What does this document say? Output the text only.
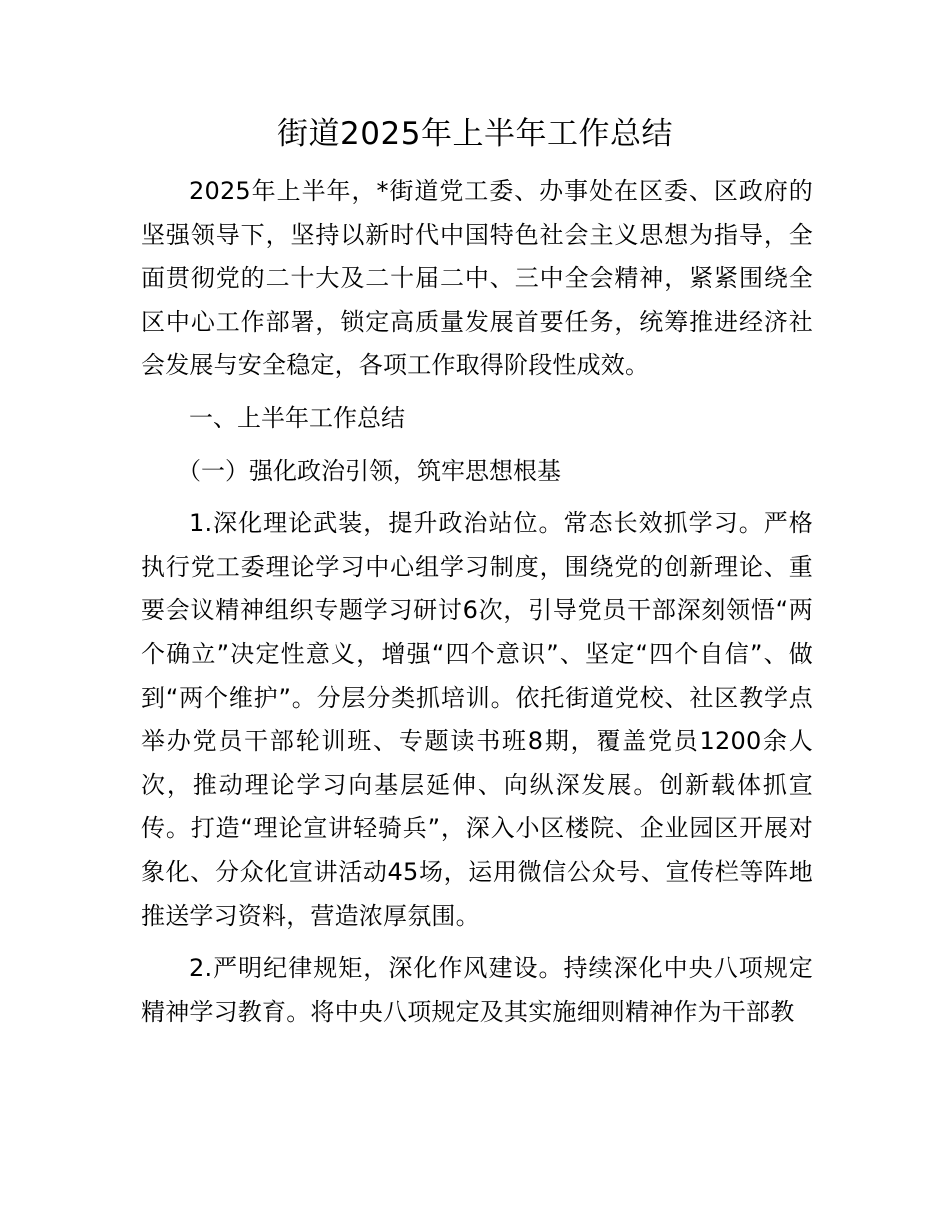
街道2025年上半年工作总结

2025年上半年，*街道党工委、办事处在区委、区政府的坚强领导下，坚持以新时代中国特色社会主义思想为指导，全面贯彻党的二十大及二十届二中、三中全会精神，紧紧围绕全区中心工作部署，锁定高质量发展首要任务，统筹推进经济社会发展与安全稳定，各项工作取得阶段性成效。

一、上半年工作总结

（一）强化政治引领，筑牢思想根基

1.深化理论武装，提升政治站位。常态长效抓学习。严格执行党工委理论学习中心组学习制度，围绕党的创新理论、重要会议精神组织专题学习研讨6次，引导党员干部深刻领悟“两个确立”决定性意义，增强“四个意识”、坚定“四个自信”、做到“两个维护”。分层分类抓培训。依托街道党校、社区教学点举办党员干部轮训班、专题读书班8期，覆盖党员1200余人次，推动理论学习向基层延伸、向纵深发展。创新载体抓宣传。打造“理论宣讲轻骑兵”，深入小区楼院、企业园区开展对象化、分众化宣讲活动45场，运用微信公众号、宣传栏等阵地推送学习资料，营造浓厚氛围。

2.严明纪律规矩，深化作风建设。持续深化中央八项规定精神学习教育。将中央八项规定及其实施细则精神作为干部教
